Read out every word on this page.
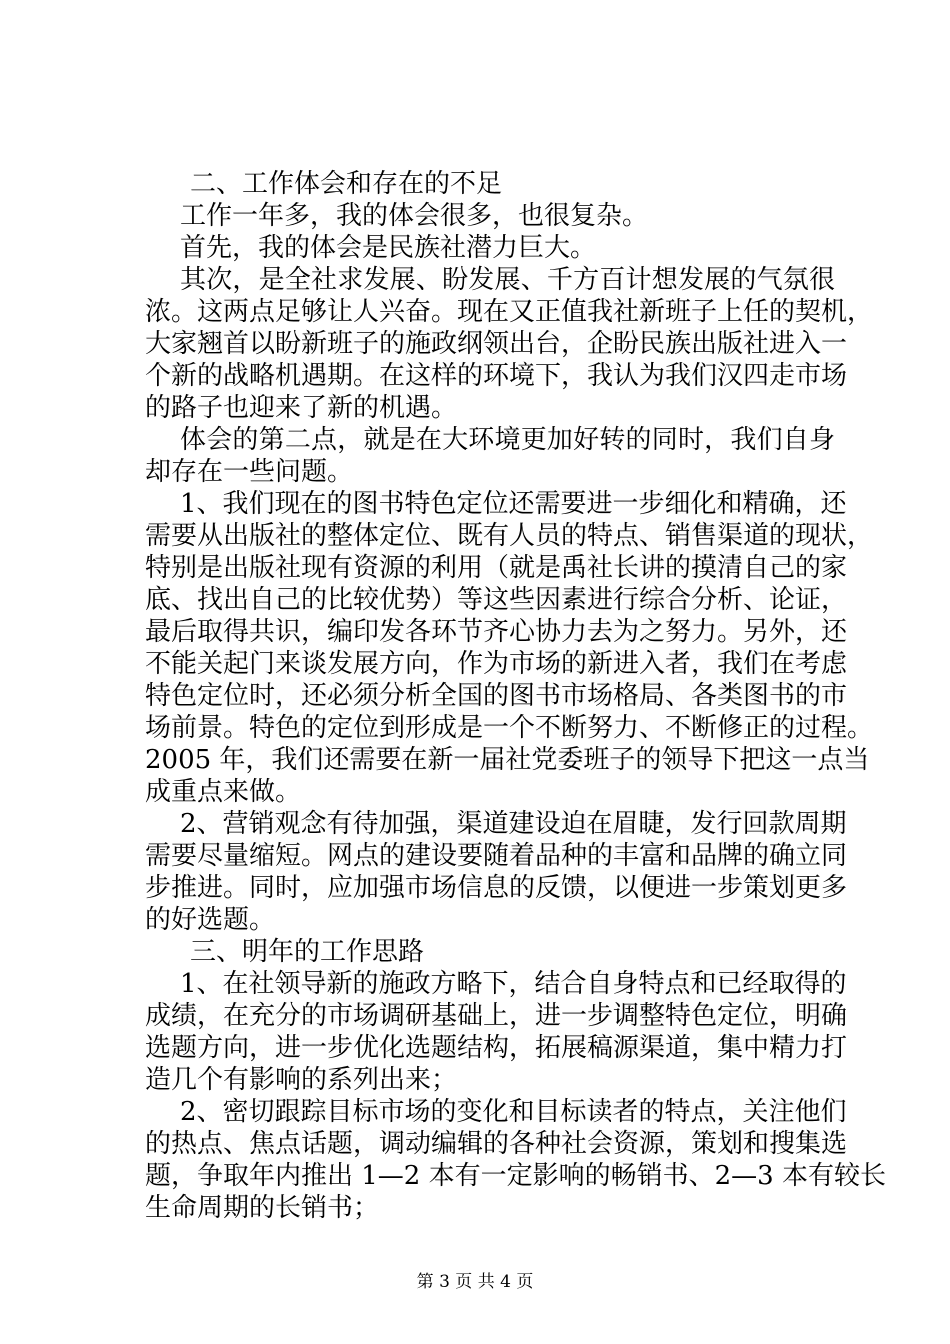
二、工作体会和存在的不足
工作一年多，我的体会很多，也很复杂。
首先，我的体会是民族社潜力巨大。
其次，是全社求发展、盼发展、千方百计想发展的气氛很
浓。这两点足够让人兴奋。现在又正值我社新班子上任的契机，
大家翘首以盼新班子的施政纲领出台，企盼民族出版社进入一
个新的战略机遇期。在这样的环境下，我认为我们汉四走市场
的路子也迎来了新的机遇。
体会的第二点，就是在大环境更加好转的同时，我们自身
却存在一些问题。
1、我们现在的图书特色定位还需要进一步细化和精确，还
需要从出版社的整体定位、既有人员的特点、销售渠道的现状，
特别是出版社现有资源的利用（就是禹社长讲的摸清自己的家
底、找出自己的比较优势）等这些因素进行综合分析、论证，
最后取得共识，编印发各环节齐心协力去为之努力。另外，还
不能关起门来谈发展方向，作为市场的新进入者，我们在考虑
特色定位时，还必须分析全国的图书市场格局、各类图书的市
场前景。特色的定位到形成是一个不断努力、不断修正的过程。
2005 年，我们还需要在新一届社党委班子的领导下把这一点当
成重点来做。
2、营销观念有待加强，渠道建设迫在眉睫，发行回款周期
需要尽量缩短。网点的建设要随着品种的丰富和品牌的确立同
步推进。同时，应加强市场信息的反馈，以便进一步策划更多
的好选题。
三、明年的工作思路
1、在社领导新的施政方略下，结合自身特点和已经取得的
成绩，在充分的市场调研基础上，进一步调整特色定位，明确
选题方向，进一步优化选题结构，拓展稿源渠道，集中精力打
造几个有影响的系列出来；
2、密切跟踪目标市场的变化和目标读者的特点，关注他们
的热点、焦点话题，调动编辑的各种社会资源，策划和搜集选
题，争取年内推出 1—2 本有一定影响的畅销书、2—3 本有较长
生命周期的长销书；
第 3 页 共 4 页
